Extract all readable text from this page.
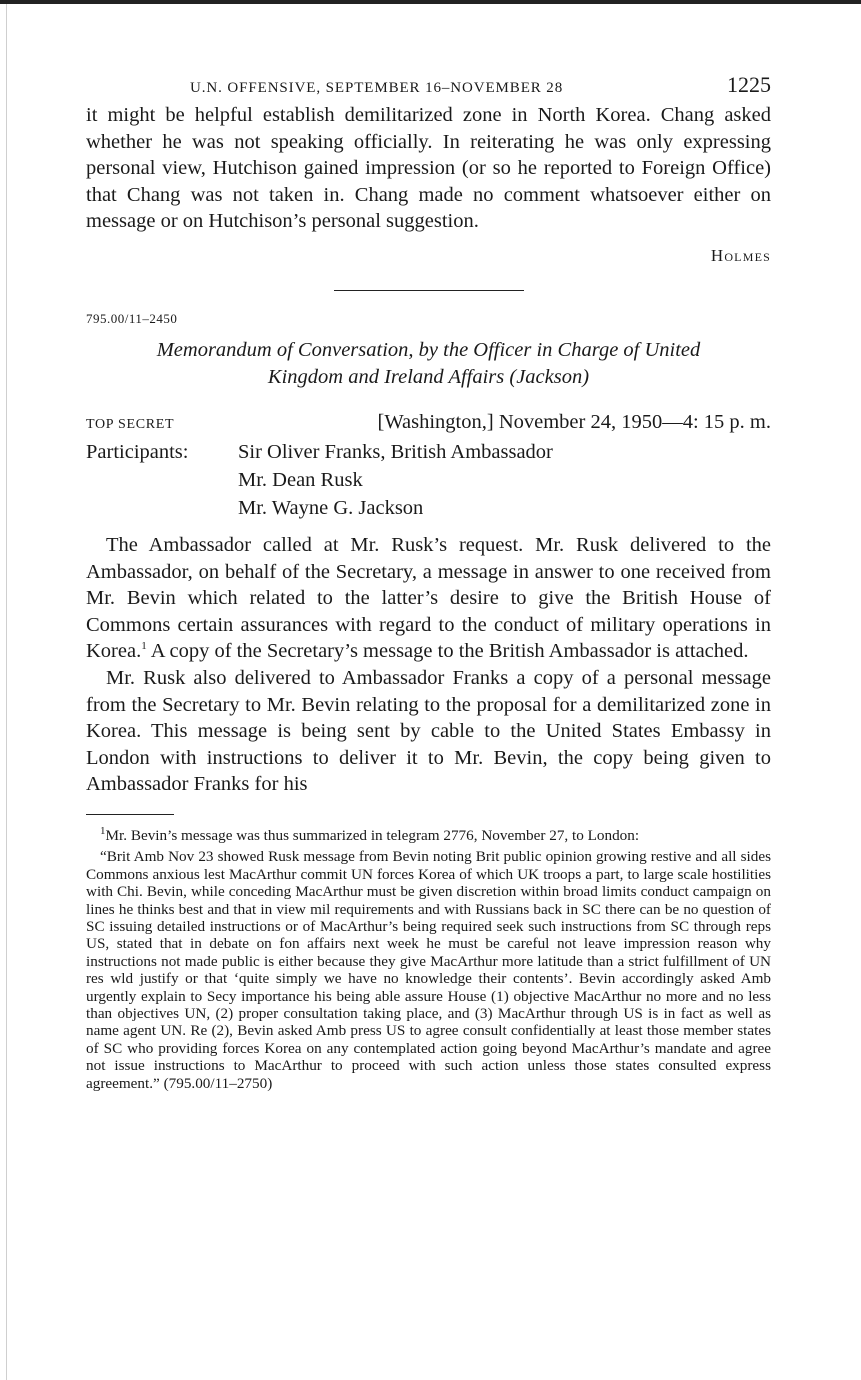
U.N. OFFENSIVE, SEPTEMBER 16–NOVEMBER 28	1225

it might be helpful establish demilitarized zone in North Korea. Chang asked whether he was not speaking officially. In reiterating he was only expressing personal view, Hutchison gained impression (or so he reported to Foreign Office) that Chang was not taken in. Chang made no comment whatsoever either on message or on Hutchison’s personal suggestion.

Holmes
795.00/11–2450
Memorandum of Conversation, by the Officer in Charge of United
Kingdom and Ireland Affairs (Jackson)
TOP SECRET	[Washington,] November 24, 1950—4: 15 p. m.
Participants:	Sir Oliver Franks, British Ambassador
Mr. Dean Rusk
Mr. Wayne G. Jackson

The Ambassador called at Mr. Rusk’s request. Mr. Rusk delivered to the Ambassador, on behalf of the Secretary, a message in answer to one received from Mr. Bevin which related to the latter’s desire to give the British House of Commons certain assurances with regard to the conduct of military operations in Korea.$^1$ A copy of the Secretary’s message to the British Ambassador is attached.

Mr. Rusk also delivered to Ambassador Franks a copy of a personal message from the Secretary to Mr. Bevin relating to the proposal for a demilitarized zone in Korea. This message is being sent by cable to the United States Embassy in London with instructions to deliver it to Mr. Bevin, the copy being given to Ambassador Franks for his

$^1$Mr. Bevin’s message was thus summarized in telegram 2776, November 27, to London:

“Brit Amb Nov 23 showed Rusk message from Bevin noting Brit public opinion growing restive and all sides Commons anxious lest MacArthur commit UN forces Korea of which UK troops a part, to large scale hostilities with Chi. Bevin, while conceding MacArthur must be given discretion within broad limits conduct campaign on lines he thinks best and that in view mil requirements and with Russians back in SC there can be no question of SC issuing detailed instructions or of MacArthur’s being required seek such instructions from SC through reps US, stated that in debate on fon affairs next week he must be careful not leave impression reason why instructions not made public is either because they give MacArthur more latitude than a strict fulfillment of UN res wld justify or that ‘quite simply we have no knowledge their contents’. Bevin accordingly asked Amb urgently explain to Secy importance his being able assure House (1) objective MacArthur no more and no less than objectives UN, (2) proper consultation taking place, and (3) MacArthur through US is in fact as well as name agent UN. Re (2), Bevin asked Amb press US to agree consult confidentially at least those member states of SC who providing forces Korea on any contemplated action going beyond MacArthur’s mandate and agree not issue instructions to MacArthur to proceed with such action unless those states consulted express agreement.” (795.00/11–2750)
